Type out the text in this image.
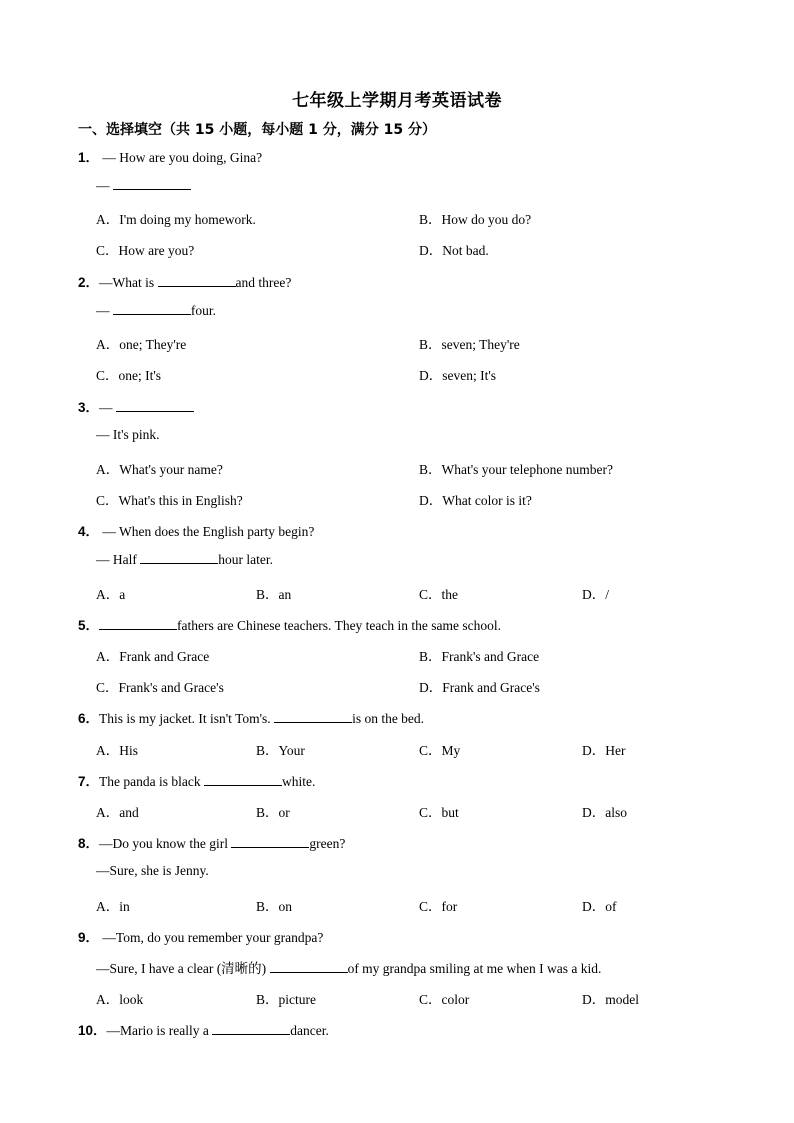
七年级上学期月考英语试卷
一、选择填空（共 15 小题，每小题 1 分，满分 15 分）
1． — How are you doing, Gina?
—
A．I'm doing my homework.	B．How do you do?
C．How are you?	D．Not bad.
2．—What is	and three?
—	four.
A．one; They're	B．seven; They're
C．one; It's	D．seven; It's
3．—
— It's pink.
A．What's your name?	B．What's your telephone number?
C．What's this in English?	D．What color is it?
4． — When does the English party begin?
— Half	hour later.
A．a	B．an	C．the	D．/
5．	fathers are Chinese teachers. They teach in the same school.
A．Frank and Grace	B．Frank's and Grace
C．Frank's and Grace's	D．Frank and Grace's
6．This is my jacket. It isn't Tom's.	is on the bed.
A．His	B．Your	C．My	D．Her
7．The panda is black	white.
A．and	B．or	C．but	D．also
8．—Do you know the girl	green?
—Sure, she is Jenny.
A．in	B．on	C．for	D．of
9． —Tom, do you remember your grandpa?
—Sure, I have a clear (清晰的)	of my grandpa smiling at me when I was a kid.
A．look	B．picture	C．color	D．model
10．—Mario is really a	dancer.
